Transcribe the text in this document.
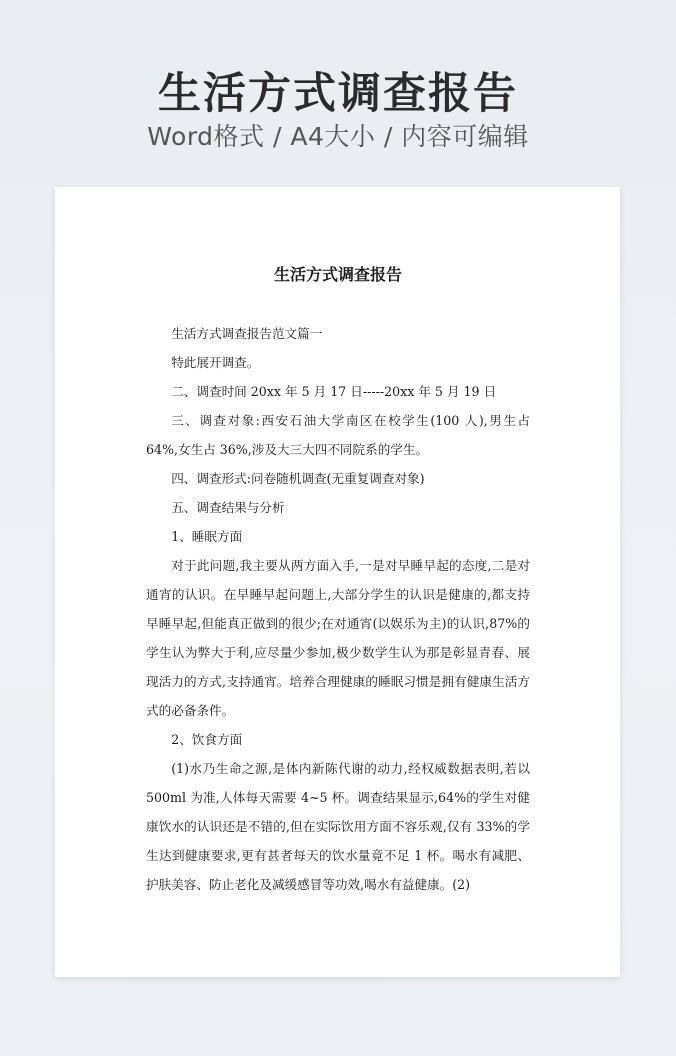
生活方式调查报告
Word格式 / A4大小 / 内容可编辑
生活方式调查报告

生活方式调查报告范文篇一

特此展开调查。

二、调查时间 20xx 年 5 月 17 日-----20xx 年 5 月 19 日

三、调查对象:西安石油大学南区在校学生(100 人),男生占 64%,女生占 36%,涉及大三大四不同院系的学生。

四、调查形式:问卷随机调查(无重复调查对象)

五、调查结果与分析

1、睡眠方面

对于此问题,我主要从两方面入手,一是对早睡早起的态度,二是对通宵的认识。在早睡早起问题上,大部分学生的认识是健康的,都支持早睡早起,但能真正做到的很少;在对通宵(以娱乐为主)的认识,87%的学生认为弊大于利,应尽量少参加,极少数学生认为那是彰显青春、展现活力的方式,支持通宵。培养合理健康的睡眠习惯是拥有健康生活方式的必备条件。

2、饮食方面

(1)水乃生命之源,是体内新陈代谢的动力,经权威数据表明,若以 500ml 为准,人体每天需要 4~5 杯。调查结果显示,64%的学生对健康饮水的认识还是不错的,但在实际饮用方面不容乐观,仅有 33%的学生达到健康要求,更有甚者每天的饮水量竟不足 1 杯。喝水有减肥、护肤美容、防止老化及减缓感冒等功效,喝水有益健康。(2)
